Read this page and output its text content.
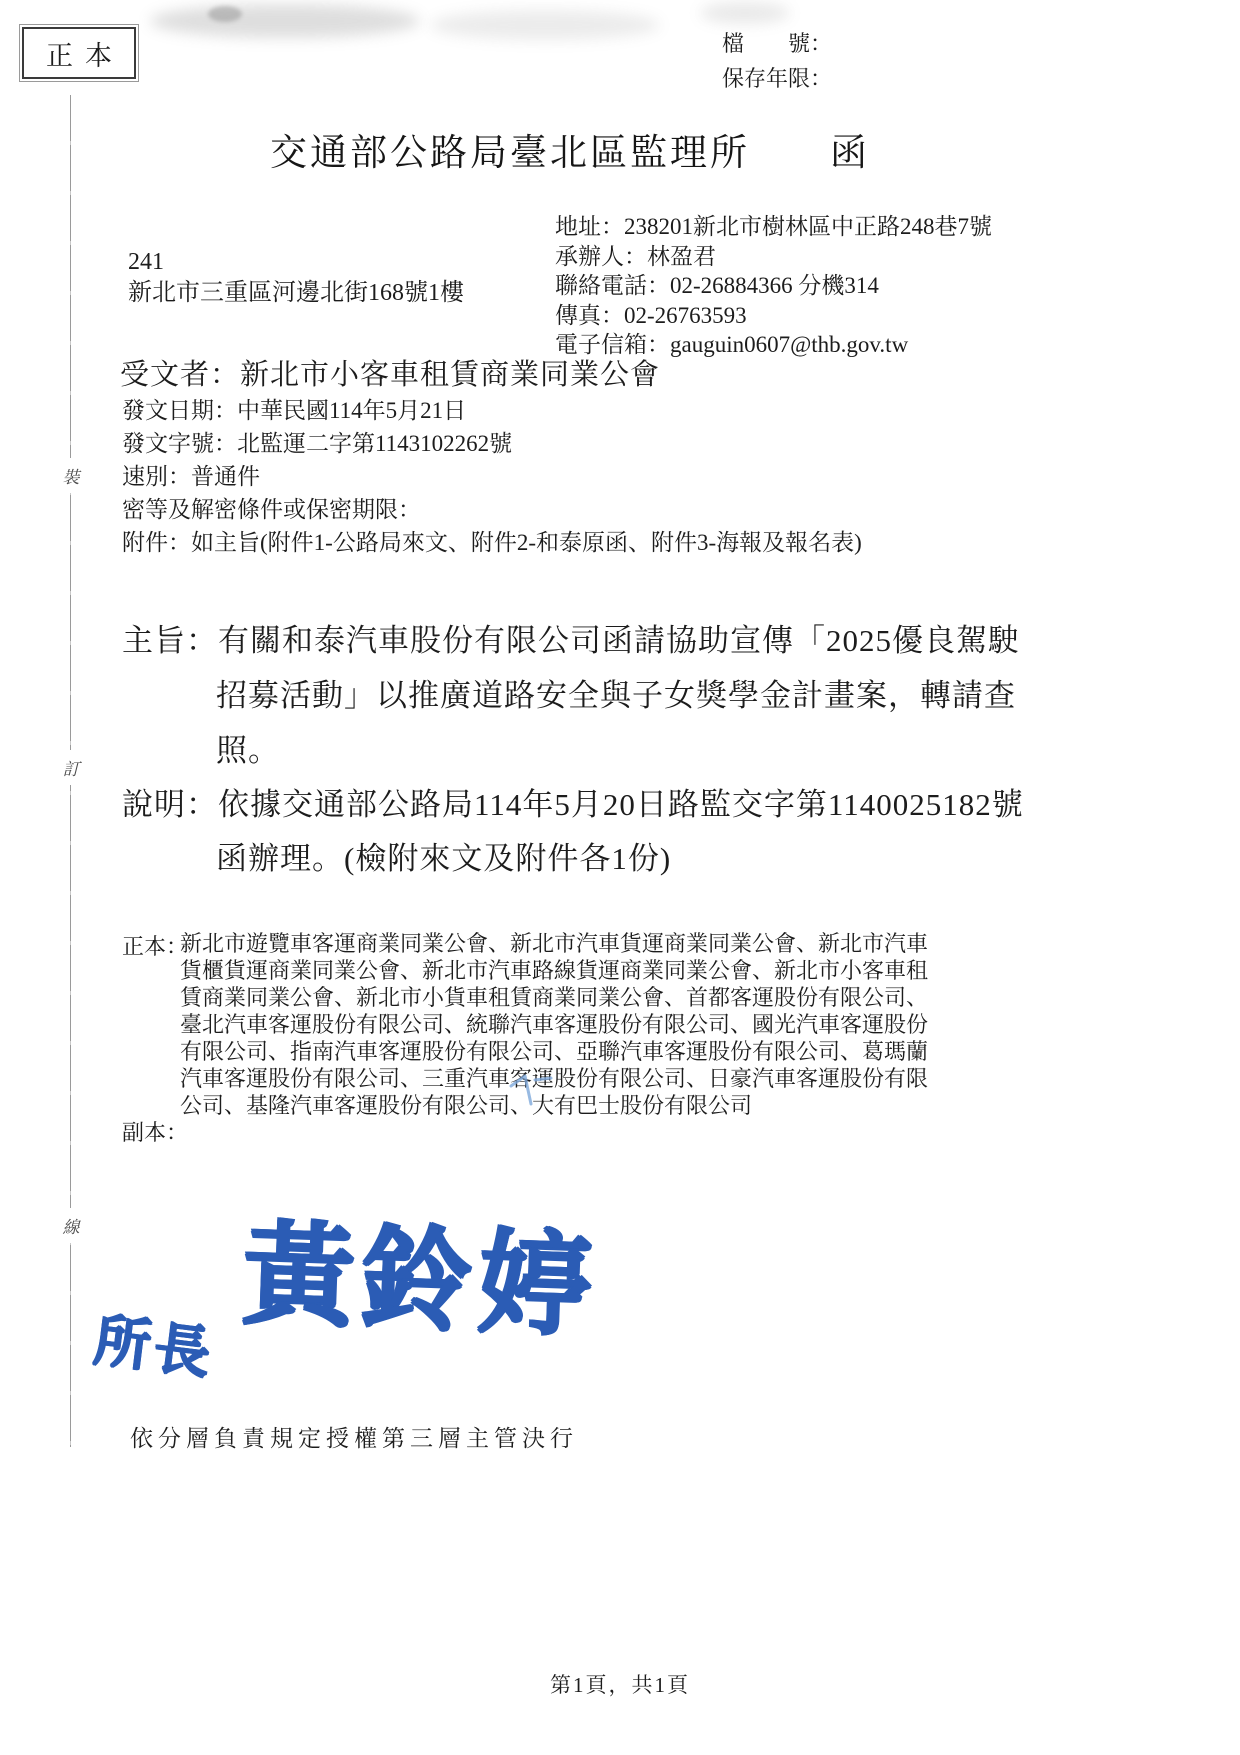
裝
訂
線
正本	檔　　號：
保存年限：
交通部公路局臺北區監理所　　函
地址：238201新北市樹林區中正路248巷7號
承辦人：林盈君
聯絡電話：02-26884366 分機314
傳真：02-26763593
電子信箱：gauguin0607@thb.gov.tw
241
新北市三重區河邊北街168號1樓
受文者：新北市小客車租賃商業同業公會
發文日期：中華民國114年5月21日
發文字號：北監運二字第1143102262號
速別：普通件
密等及解密條件或保密期限：
附件：如主旨(附件1-公路局來文、附件2-和泰原函、附件3-海報及報名表)
主旨：有關和泰汽車股份有限公司函請協助宣傳「2025優良駕駛
招募活動」以推廣道路安全與子女獎學金計畫案，轉請查
照。
說明：依據交通部公路局114年5月20日路監交字第1140025182號
函辦理。(檢附來文及附件各1份)
正本：
新北市遊覽車客運商業同業公會、新北市汽車貨運商業同業公會、新北市汽車
貨櫃貨運商業同業公會、新北市汽車路線貨運商業同業公會、新北市小客車租
賃商業同業公會、新北市小貨車租賃商業同業公會、首都客運股份有限公司、
臺北汽車客運股份有限公司、統聯汽車客運股份有限公司、國光汽車客運股份
有限公司、指南汽車客運股份有限公司、亞聯汽車客運股份有限公司、葛瑪蘭
汽車客運股份有限公司、三重汽車客運股份有限公司、日豪汽車客運股份有限
公司、基隆汽車客運股份有限公司、大有巴士股份有限公司
副本：
所長 黃鈴婷
依分層負責規定授權第三層主管決行
第1頁，共1頁
